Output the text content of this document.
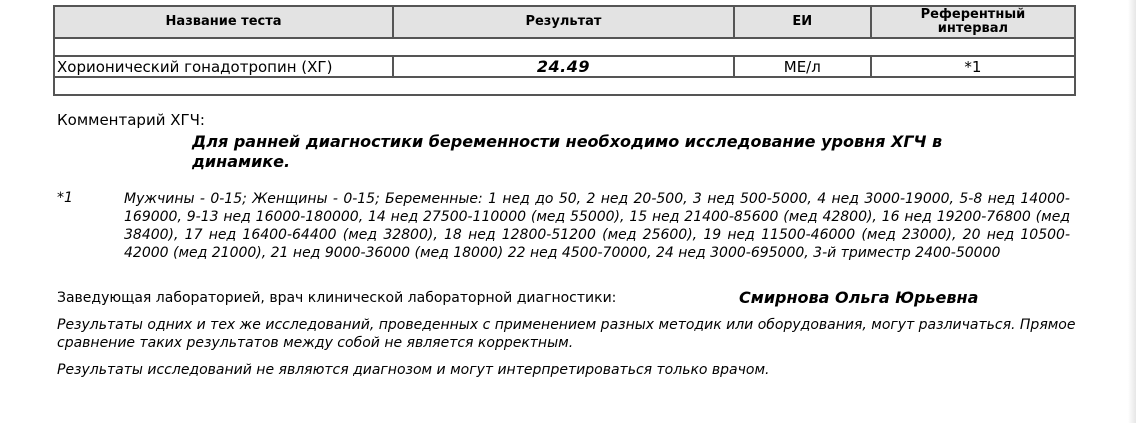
Название теста	Результат	ЕИ	Референтный
интервал

Хорионический гонадотропин (ХГ)	24.49	МЕ/л	*1

Комментарий ХГЧ:
Для ранней диагностики беременности необходимо исследование уровня ХГЧ в динамике.
*1	Мужчины - 0-15; Женщины - 0-15; Беременные: 1 нед до 50, 2 нед 20-500, 3 нед 500-5000, 4 нед 3000-19000, 5-8 нед 14000-169000, 9-13 нед 16000-180000, 14 нед 27500-110000 (мед 55000), 15 нед 21400-85600 (мед 42800), 16 нед 19200-76800 (мед 38400), 17 нед 16400-64400 (мед 32800), 18 нед 12800-51200 (мед 25600), 19 нед 11500-46000 (мед 23000), 20 нед 10500-42000 (мед 21000), 21 нед 9000-36000 (мед 18000) 22 нед 4500-70000, 24 нед 3000-695000, 3-й триместр 2400-50000
Заведующая лабораторией, врач клинической лабораторной диагностики:	Смирнова Ольга Юрьевна
Результаты одних и тех же исследований, проведенных с применением разных методик или оборудования, могут различаться. Прямое сравнение таких результатов между собой не является корректным.
Результаты исследований не являются диагнозом и могут интерпретироваться только врачом.
